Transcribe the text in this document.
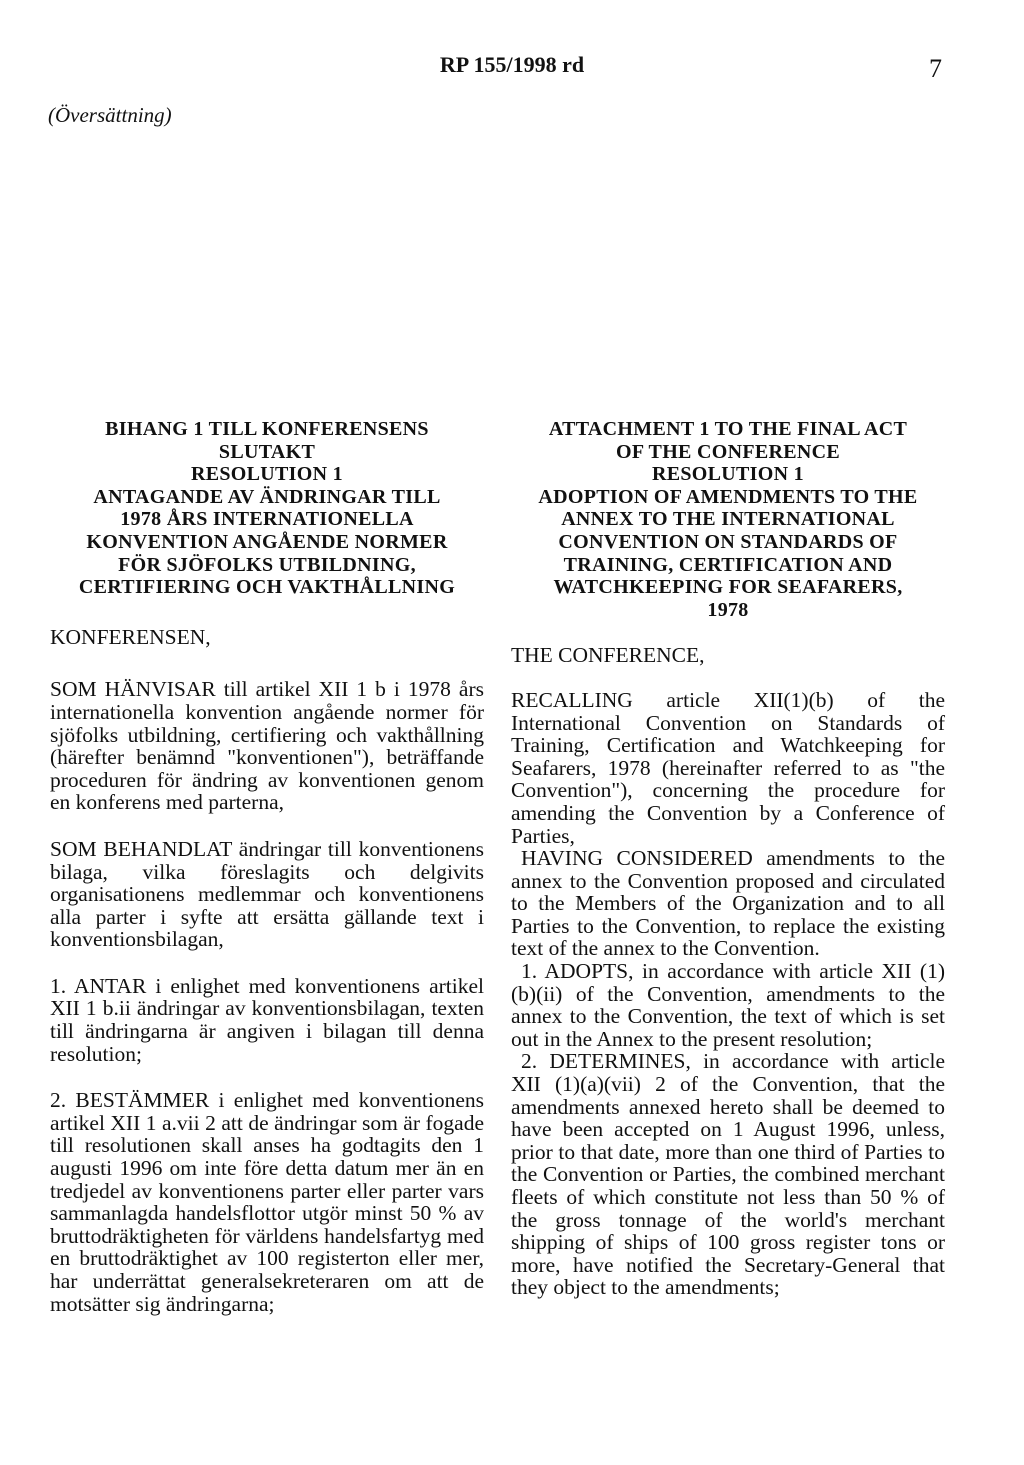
RP 155/1998 rd	7
(Översättning)
BIHANG 1 TILL KONFERENSENS
SLUTAKT
RESOLUTION 1
ANTAGANDE AV ÄNDRINGAR TILL
1978 ÅRS INTERNATIONELLA
KONVENTION ANGÅENDE NORMER
FÖR SJÖFOLKS UTBILDNING,
CERTIFIERING OCH VAKTHÅLLNING

KONFERENSEN,

SOM HÄNVISAR till artikel XII 1 b i 1978 års internationella konvention angående normer för sjöfolks utbildning, certifiering och vakthållning (härefter benämnd "konventionen"), beträffande proceduren för ändring av konventionen genom en konferens med parterna,

SOM BEHANDLAT ändringar till konventionens bilaga, vilka föreslagits och delgivits organisationens medlemmar och konventionens alla parter i syfte att ersätta gällande text i konventionsbilagan,

1. ANTAR i enlighet med konventionens artikel XII 1 b.ii ändringar av konventionsbilagan, texten till ändringarna är angiven i bilagan till denna resolution;

2. BESTÄMMER i enlighet med konventionens artikel XII 1 a.vii 2 att de ändringar som är fogade till resolutionen skall anses ha godtagits den 1 augusti 1996 om inte före detta datum mer än en tredjedel av konventionens parter eller parter vars sammanlagda handelsflottor utgör minst 50 % av bruttodräktigheten för världens handelsfartyg med en bruttodräktighet av 100 registerton eller mer, har underrättat generalsekreteraren om att de motsätter sig ändringarna;

ATTACHMENT 1 TO THE FINAL ACT
OF THE CONFERENCE
RESOLUTION 1
ADOPTION OF AMENDMENTS TO THE
ANNEX TO THE INTERNATIONAL
CONVENTION ON STANDARDS OF
TRAINING, CERTIFICATION AND
WATCHKEEPING FOR SEAFARERS,
1978

THE CONFERENCE,

RECALLING article XII(1)(b) of the International Convention on Standards of Training, Certification and Watchkeeping for Seafarers, 1978 (hereinafter referred to as "the Convention"), concerning the procedure for amending the Convention by a Conference of Parties,

HAVING CONSIDERED amendments to the annex to the Convention proposed and circulated to the Members of the Organization and to all Parties to the Convention, to replace the existing text of the annex to the Convention.

1. ADOPTS, in accordance with article XII (1)(b)(ii) of the Convention, amendments to the annex to the Convention, the text of which is set out in the Annex to the present resolution;

2. DETERMINES, in accordance with article XII (1)(a)(vii) 2 of the Convention, that the amendments annexed hereto shall be deemed to have been accepted on 1 August 1996, unless, prior to that date, more than one third of Parties to the Convention or Parties, the combined merchant fleets of which constitute not less than 50 % of the gross tonnage of the world's merchant shipping of ships of 100 gross register tons or more, have notified the Secretary-General that they object to the amendments;
